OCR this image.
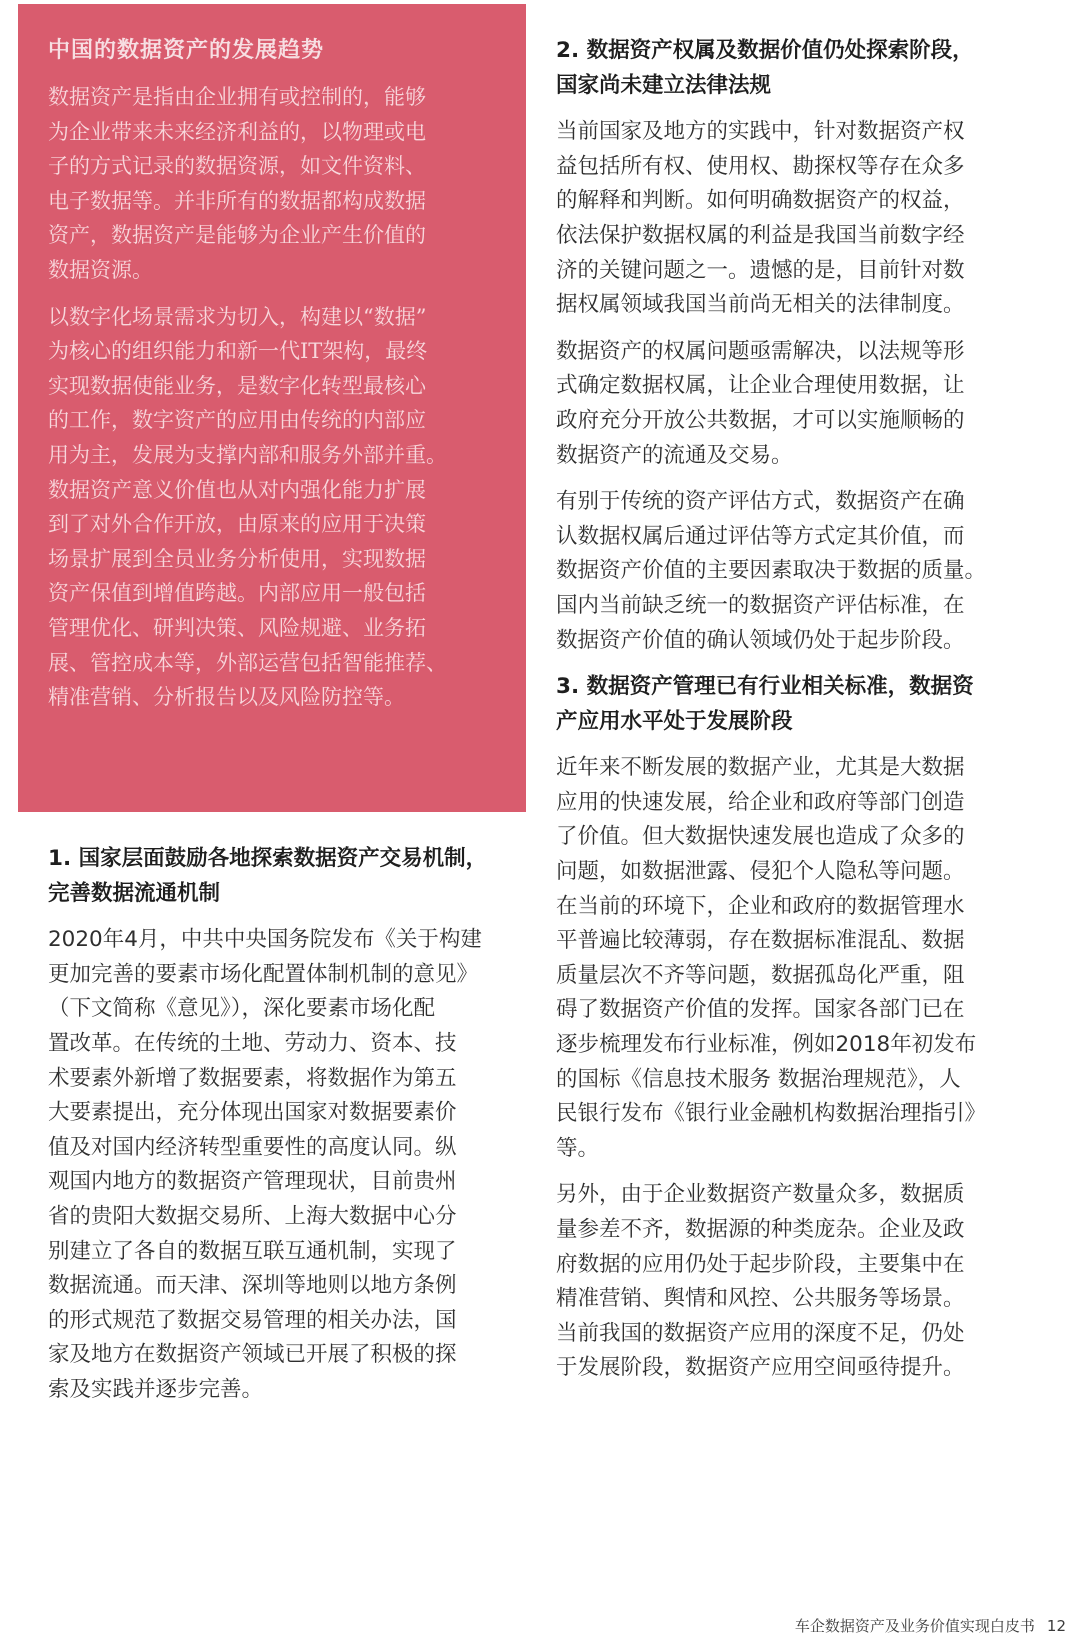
中国的数据资产的发展趋势
数据资产是指由企业拥有或控制的，能够
为企业带来未来经济利益的，以物理或电
子的方式记录的数据资源，如文件资料、
电子数据等。并非所有的数据都构成数据
资产，数据资产是能够为企业产生价值的
数据资源。
以数字化场景需求为切入，构建以“数据”
为核心的组织能力和新一代IT架构，最终
实现数据使能业务，是数字化转型最核心
的工作，数字资产的应用由传统的内部应
用为主，发展为支撑内部和服务外部并重。
数据资产意义价值也从对内强化能力扩展
到了对外合作开放，由原来的应用于决策
场景扩展到全员业务分析使用，实现数据
资产保值到增值跨越。内部应用一般包括
管理优化、研判决策、风险规避、业务拓
展、管控成本等，外部运营包括智能推荐、
精准营销、分析报告以及风险防控等。
1. 国家层面鼓励各地探索数据资产交易机制，
完善数据流通机制
2020年4月，中共中央国务院发布《关于构建
更加完善的要素市场化配置体制机制的意见》
（下文简称《意见》），深化要素市场化配
置改革。在传统的土地、劳动力、资本、技
术要素外新增了数据要素，将数据作为第五
大要素提出，充分体现出国家对数据要素价
值及对国内经济转型重要性的高度认同。纵
观国内地方的数据资产管理现状，目前贵州
省的贵阳大数据交易所、上海大数据中心分
别建立了各自的数据互联互通机制，实现了
数据流通。而天津、深圳等地则以地方条例
的形式规范了数据交易管理的相关办法，国
家及地方在数据资产领域已开展了积极的探
索及实践并逐步完善。
2. 数据资产权属及数据价值仍处探索阶段，
国家尚未建立法律法规
当前国家及地方的实践中，针对数据资产权
益包括所有权、使用权、勘探权等存在众多
的解释和判断。如何明确数据资产的权益，
依法保护数据权属的利益是我国当前数字经
济的关键问题之一。遗憾的是，目前针对数
据权属领域我国当前尚无相关的法律制度。
数据资产的权属问题亟需解决，以法规等形
式确定数据权属，让企业合理使用数据，让
政府充分开放公共数据，才可以实施顺畅的
数据资产的流通及交易。
有别于传统的资产评估方式，数据资产在确
认数据权属后通过评估等方式定其价值，而
数据资产价值的主要因素取决于数据的质量。
国内当前缺乏统一的数据资产评估标准，在
数据资产价值的确认领域仍处于起步阶段。
3. 数据资产管理已有行业相关标准，数据资
产应用水平处于发展阶段
近年来不断发展的数据产业，尤其是大数据
应用的快速发展，给企业和政府等部门创造
了价值。但大数据快速发展也造成了众多的
问题，如数据泄露、侵犯个人隐私等问题。
在当前的环境下，企业和政府的数据管理水
平普遍比较薄弱，存在数据标准混乱、数据
质量层次不齐等问题，数据孤岛化严重，阻
碍了数据资产价值的发挥。国家各部门已在
逐步梳理发布行业标准，例如2018年初发布
的国标《信息技术服务 数据治理规范》，人
民银行发布《银行业金融机构数据治理指引》
等。
另外，由于企业数据资产数量众多，数据质
量参差不齐，数据源的种类庞杂。企业及政
府数据的应用仍处于起步阶段，主要集中在
精准营销、舆情和风控、公共服务等场景。
当前我国的数据资产应用的深度不足，仍处
于发展阶段，数据资产应用空间亟待提升。
车企数据资产及业务价值实现白皮书 12
